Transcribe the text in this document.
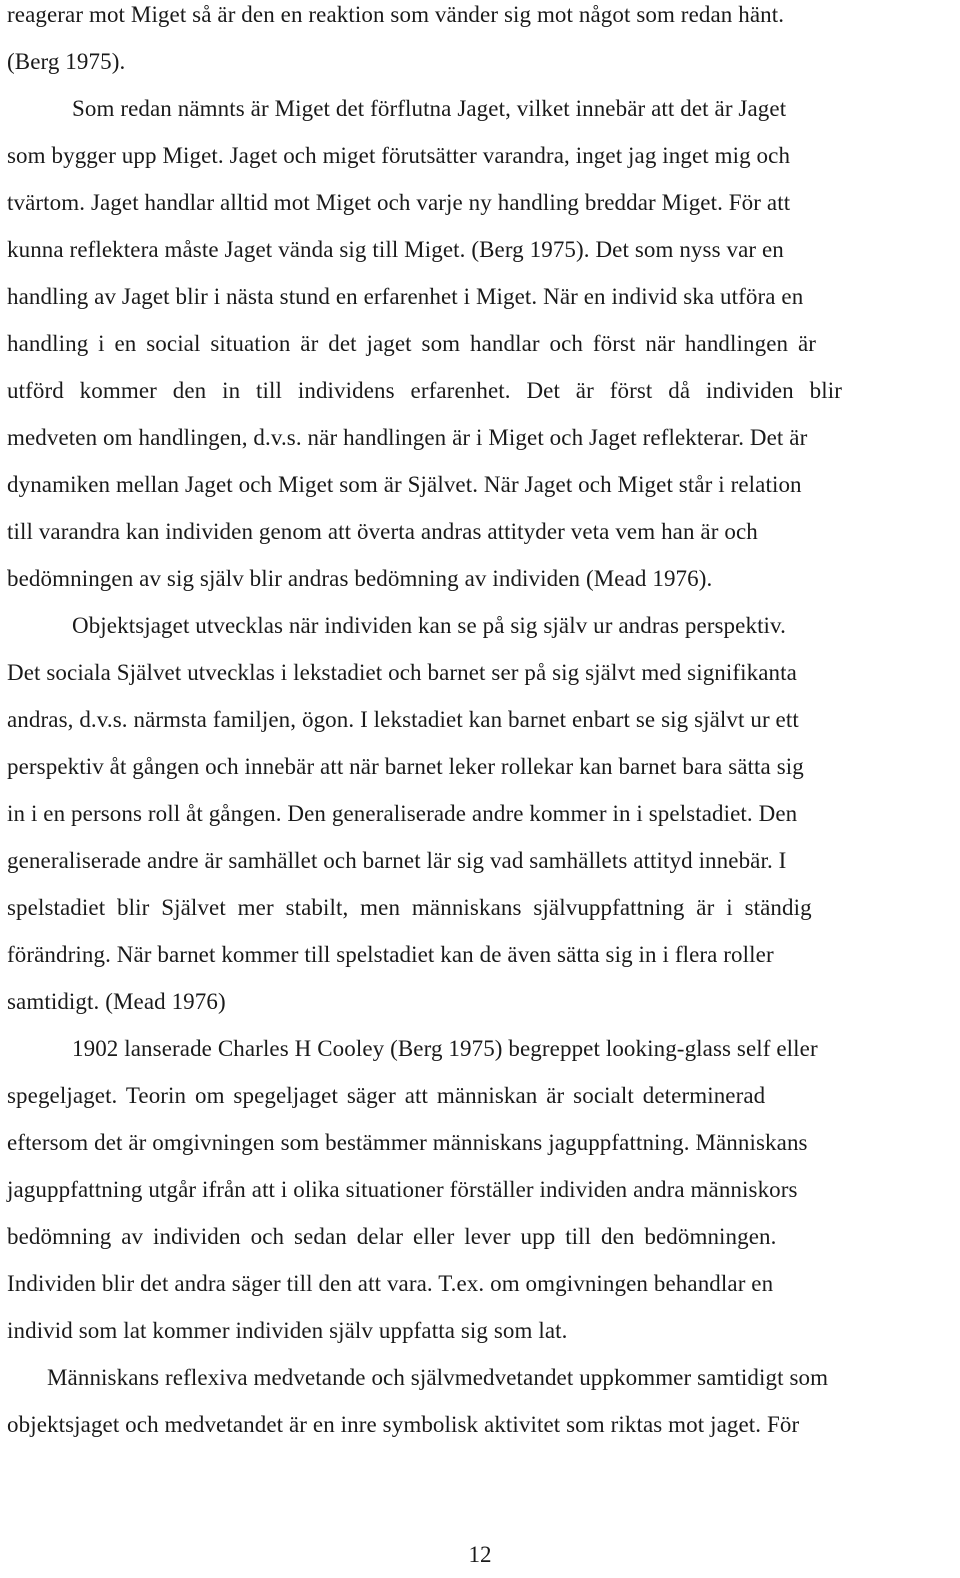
reagerar mot Miget så är den en reaktion som vänder sig mot något som redan hänt.
(Berg 1975).
Som redan nämnts är Miget det förflutna Jaget, vilket innebär att det är Jaget
som bygger upp Miget. Jaget och miget förutsätter varandra, inget jag inget mig och
tvärtom. Jaget handlar alltid mot Miget och varje ny handling breddar Miget. För att
kunna reflektera måste Jaget vända sig till Miget. (Berg 1975). Det som nyss var en
handling av Jaget blir i nästa stund en erfarenhet i Miget. När en individ ska utföra en
handling i en social situation är det jaget som handlar och först när handlingen är
utförd kommer den in till individens erfarenhet. Det är först då individen blir
medveten om handlingen, d.v.s. när handlingen är i Miget och Jaget reflekterar. Det är
dynamiken mellan Jaget och Miget som är Självet. När Jaget och Miget står i relation
till varandra kan individen genom att överta andras attityder veta vem han är och
bedömningen av sig själv blir andras bedömning av individen (Mead 1976).
Objektsjaget utvecklas när individen kan se på sig själv ur andras perspektiv.
Det sociala Självet utvecklas i lekstadiet och barnet ser på sig självt med signifikanta
andras, d.v.s. närmsta familjen, ögon. I lekstadiet kan barnet enbart se sig självt ur ett
perspektiv åt gången och innebär att när barnet leker rollekar kan barnet bara sätta sig
in i en persons roll åt gången. Den generaliserade andre kommer in i spelstadiet. Den
generaliserade andre är samhället och barnet lär sig vad samhällets attityd innebär. I
spelstadiet blir Självet mer stabilt, men människans självuppfattning är i ständig
förändring. När barnet kommer till spelstadiet kan de även sätta sig in i flera roller
samtidigt. (Mead 1976)
1902 lanserade Charles H Cooley (Berg 1975) begreppet looking-glass self eller
spegeljaget. Teorin om spegeljaget säger att människan är socialt determinerad
eftersom det är omgivningen som bestämmer människans jaguppfattning. Människans
jaguppfattning utgår ifrån att i olika situationer förställer individen andra människors
bedömning av individen och sedan delar eller lever upp till den bedömningen.
Individen blir det andra säger till den att vara. T.ex. om omgivningen behandlar en
individ som lat kommer individen själv uppfatta sig som lat.
Människans reflexiva medvetande och självmedvetandet uppkommer samtidigt som
objektsjaget och medvetandet är en inre symbolisk aktivitet som riktas mot jaget. För
12
